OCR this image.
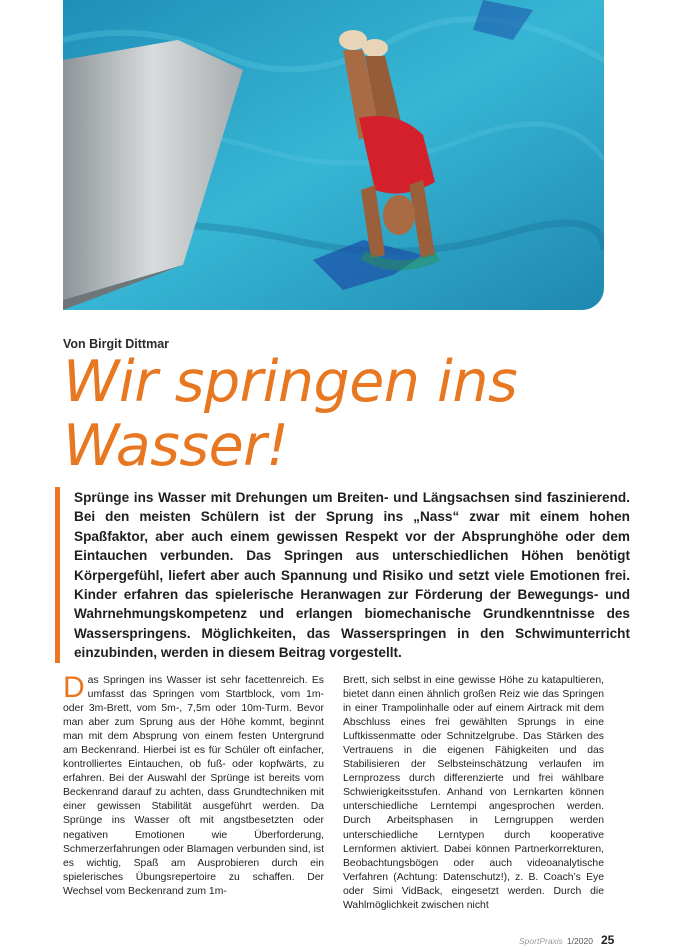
Von Birgit Dittmar
Wir springen ins
Wasser!

Sprünge ins Wasser mit Drehungen um Breiten- und Längsachsen sind faszinierend. Bei den meisten Schülern ist der Sprung ins „Nass“ zwar mit einem hohen Spaßfaktor, aber auch einem gewissen Respekt vor der Absprunghöhe oder dem Eintauchen verbunden. Das Springen aus unterschiedlichen Höhen benötigt Körpergefühl, liefert aber auch Spannung und Risiko und setzt viele Emotionen frei. Kinder erfahren das spielerische Heranwagen zur Förderung der Bewegungs- und Wahrnehmungskompetenz und erlangen biomechanische Grundkenntnisse des Wasserspringens. Möglichkeiten, das Wasserspringen in den Schwimunterricht einzubinden, werden in diesem Beitrag vorgestellt.

Das Springen ins Wasser ist sehr facettenreich. Es umfasst das Springen vom Startblock, vom 1m- oder 3m-Brett, vom 5m-, 7,5m oder 10m-Turm. Bevor man aber zum Sprung aus der Höhe kommt, beginnt man mit dem Absprung von einem festen Untergrund am Beckenrand. Hierbei ist es für Schüler oft einfacher, kontrolliertes Eintauchen, ob fuß- oder kopfwärts, zu erfahren. Bei der Auswahl der Sprünge ist bereits vom Beckenrand darauf zu achten, dass Grundtechniken mit einer gewissen Stabilität ausgeführt werden. Da Sprünge ins Wasser oft mit angstbesetzten oder negativen Emotionen wie Überforderung, Schmerzerfahrungen oder Blamagen verbunden sind, ist es wichtig, Spaß am Ausprobieren durch ein spielerisches Übungsrepertoire zu schaffen. Der Wechsel vom Beckenrand zum 1m-
Brett, sich selbst in eine gewisse Höhe zu katapultieren, bietet dann einen ähnlich großen Reiz wie das Springen in einer Trampolinhalle oder auf einem Airtrack mit dem Abschluss eines frei gewählten Sprungs in eine Luftkissenmatte oder Schnitzelgrube. Das Stärken des Vertrauens in die eigenen Fähigkeiten und das Stabilisieren der Selbsteinschätzung verlaufen im Lernprozess durch differenzierte und frei wählbare Schwierigkeitsstufen. Anhand von Lernkarten können unterschiedliche Lerntempi angesprochen werden. Durch Arbeitsphasen in Lerngruppen werden unterschiedliche Lerntypen durch kooperative Lernformen aktiviert. Dabei können Partnerkorrekturen, Beobachtungsbögen oder auch videoanalytische Verfahren (Achtung: Datenschutz!), z. B. Coach’s Eye oder Simi VidBack, eingesetzt werden. Durch die Wahlmöglichkeit zwischen nicht
SportPraxis 1/2020 25
